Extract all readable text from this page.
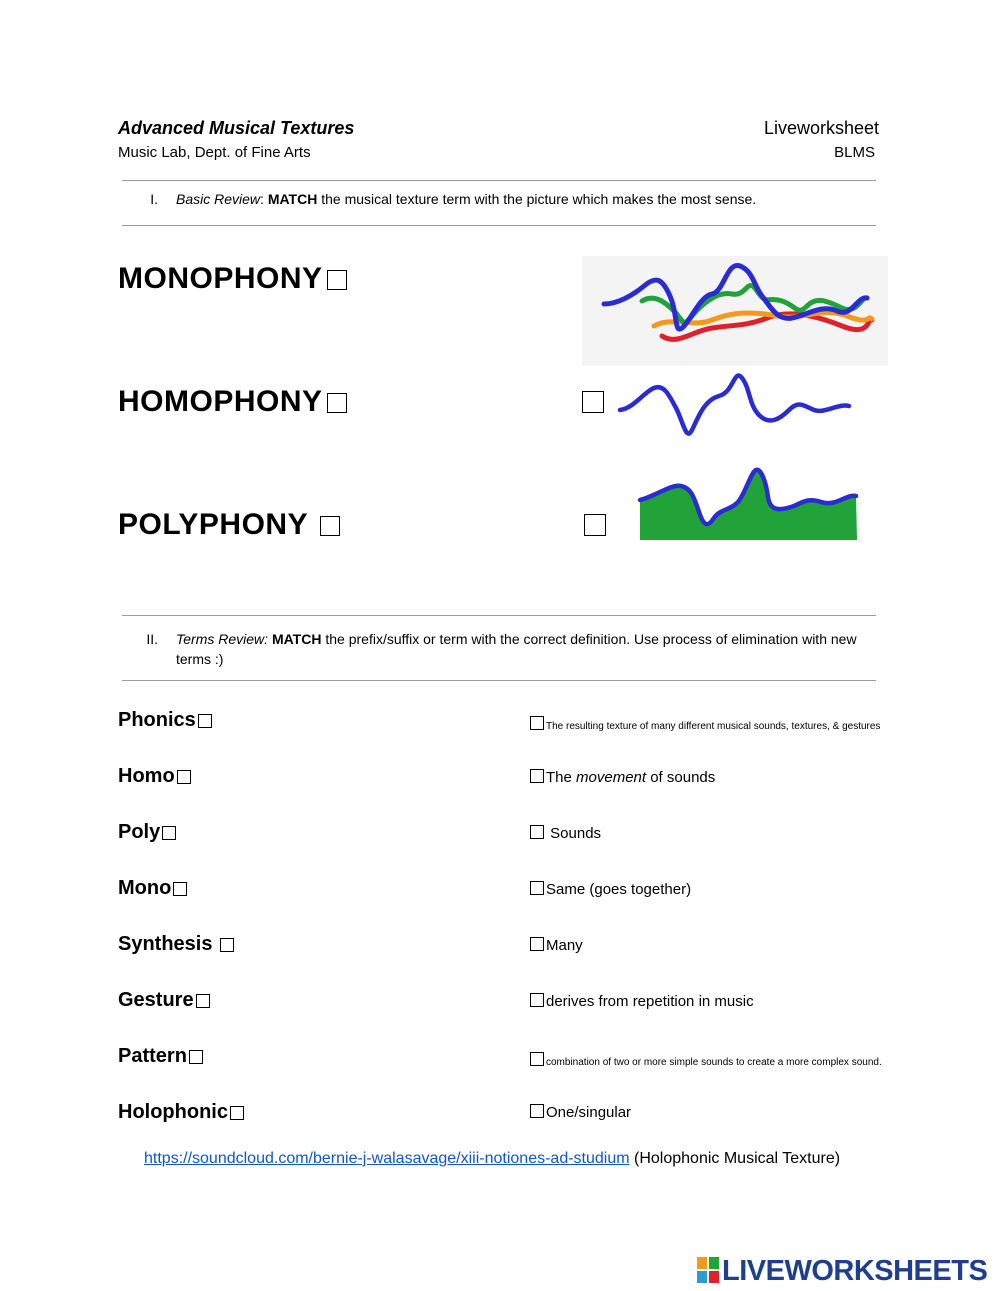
Advanced Musical Textures
Music Lab, Dept. of Fine Arts
Liveworksheet
BLMS
I. Basic Review: MATCH the musical texture term with the picture which makes the most sense.
MONOPHONY
HOMOPHONY
POLYPHONY
II. Terms Review: MATCH the prefix/suffix or term with the correct definition. Use process of elimination with new terms :)
Phonics
Homo
Poly
Mono
Synthesis
Gesture
Pattern
Holophonic
The resulting texture of many different musical sounds, textures, & gestures
The movement of sounds
Sounds
Same (goes together)
Many
derives from repetition in music
combination of two or more simple sounds to create a more complex sound.
One/singular
https://soundcloud.com/bernie-j-walasavage/xiii-notiones-ad-studium (Holophonic Musical Texture)
LIVEWORKSHEETS
